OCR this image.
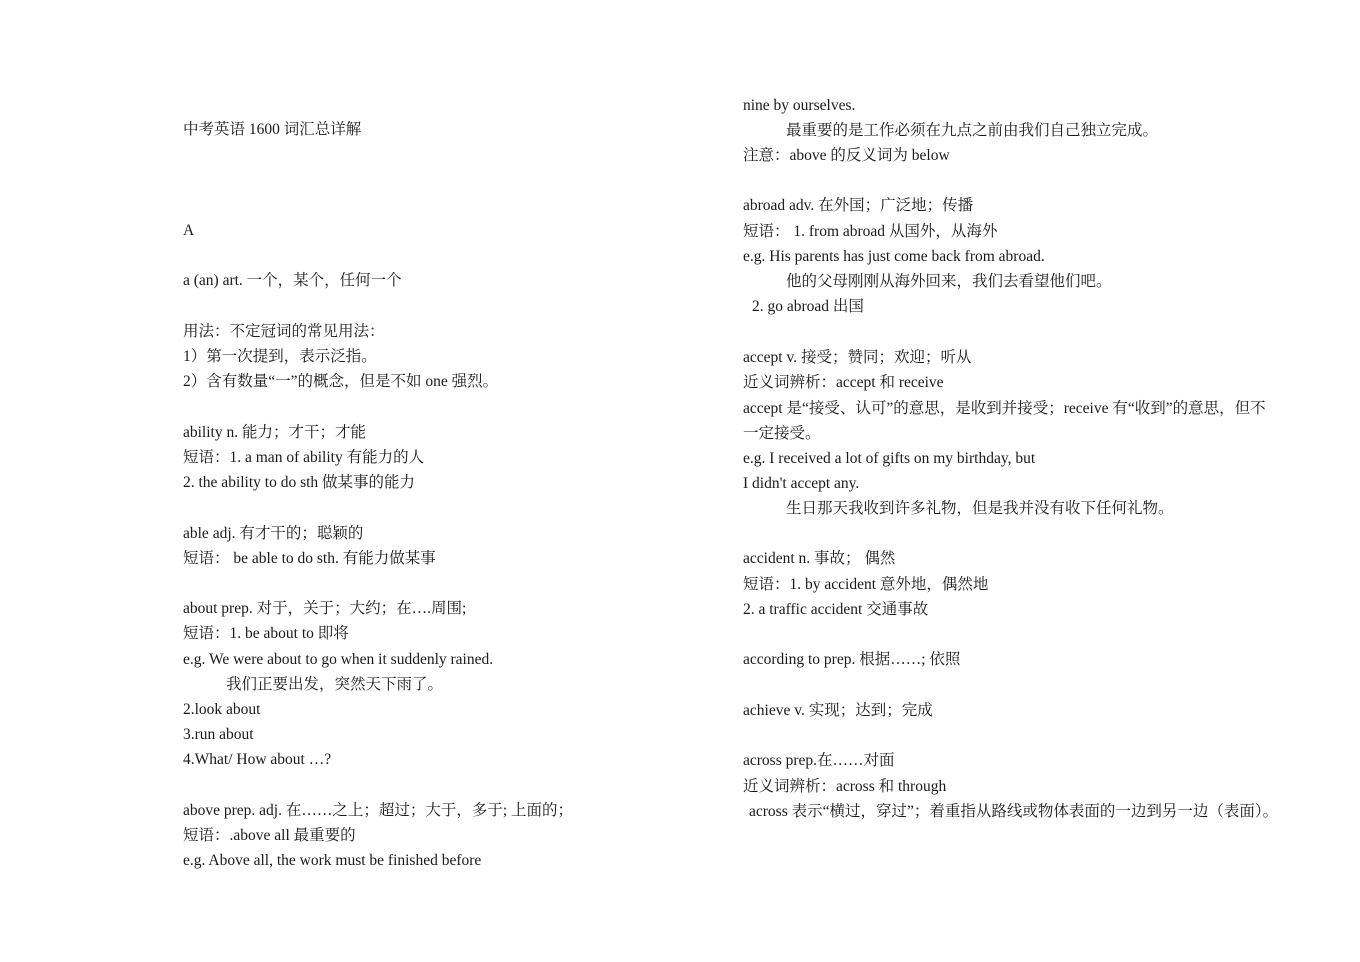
中考英语 1600 词汇总详解
A
a (an) art. 一个，某个，任何一个
用法：不定冠词的常见用法：
1）第一次提到，表示泛指。
2）含有数量“一”的概念，但是不如 one 强烈。
ability n. 能力；才干；才能
短语：1. a man of ability 有能力的人
2. the ability to do sth 做某事的能力
able adj. 有才干的；聪颖的
短语： be able to do sth. 有能力做某事
about prep. 对于，关于；大约；在….周围;
短语：1. be about to 即将
e.g. We were about to go when it suddenly rained.
我们正要出发，突然天下雨了。
2.look about
3.run about
4.What/ How about …?
above prep. adj. 在……之上；超过；大于，多于; 上面的；
短语：.above all 最重要的
e.g. Above all, the work must be finished before
nine by ourselves.
最重要的是工作必须在九点之前由我们自己独立完成。
注意：above 的反义词为 below
abroad adv. 在外国；广泛地；传播
短语： 1. from abroad 从国外，从海外
e.g. His parents has just come back from abroad.
他的父母刚刚从海外回来，我们去看望他们吧。
2. go abroad 出国
accept v. 接受；赞同；欢迎；听从
近义词辨析：accept 和 receive
accept 是“接受、认可”的意思，是收到并接受；receive 有“收到”的意思，但不一定接受。
e.g. I received a lot of gifts on my birthday, but
I didn't accept any.
生日那天我收到许多礼物，但是我并没有收下任何礼物。
accident n. 事故； 偶然
短语：1. by accident 意外地，偶然地
2. a traffic accident 交通事故
according to prep. 根据……; 依照
achieve v. 实现；达到；完成
across prep.在……对面
近义词辨析：across 和 through
across 表示“横过，穿过”；着重指从路线或物体表面的一边到另一边（表面）。
